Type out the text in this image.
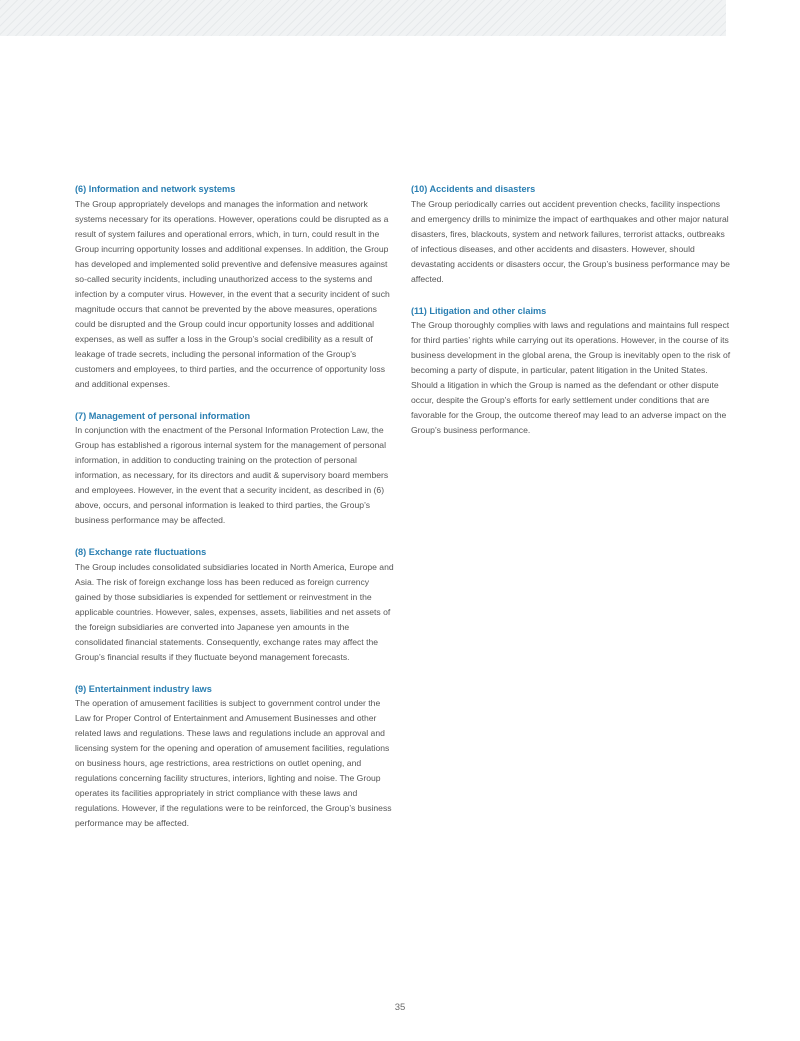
(6) Information and network systems

The Group appropriately develops and manages the information and network systems necessary for its operations. However, operations could be disrupted as a result of system failures and operational errors, which, in turn, could result in the Group incurring opportunity losses and additional expenses. In addition, the Group has developed and implemented solid preventive and defensive measures against so-called security incidents, including unauthorized access to the systems and infection by a computer virus. However, in the event that a security incident of such magnitude occurs that cannot be prevented by the above measures, operations could be disrupted and the Group could incur opportunity losses and additional expenses, as well as suffer a loss in the Group’s social credibility as a result of leakage of trade secrets, including the personal information of the Group’s customers and employees, to third parties, and the occurrence of opportunity loss and additional expenses.

(7) Management of personal information

In conjunction with the enactment of the Personal Information Protection Law, the Group has established a rigorous internal system for the management of personal information, in addition to conducting training on the protection of personal information, as necessary, for its directors and audit & supervisory board members and employees. However, in the event that a security incident, as described in (6) above, occurs, and personal information is leaked to third parties, the Group’s business performance may be affected.

(8) Exchange rate fluctuations

The Group includes consolidated subsidiaries located in North America, Europe and Asia. The risk of foreign exchange loss has been reduced as foreign currency gained by those subsidiaries is expended for settlement or reinvestment in the applicable countries. However, sales, expenses, assets, liabilities and net assets of the foreign subsidiaries are converted into Japanese yen amounts in the consolidated financial statements. Consequently, exchange rates may affect the Group’s financial results if they fluctuate beyond management forecasts.

(9) Entertainment industry laws

The operation of amusement facilities is subject to government control under the Law for Proper Control of Entertainment and Amusement Businesses and other related laws and regulations. These laws and regulations include an approval and licensing system for the opening and operation of amusement facilities, regulations on business hours, age restrictions, area restrictions on outlet opening, and regulations concerning facility structures, interiors, lighting and noise. The Group operates its facilities appropriately in strict compliance with these laws and regulations. However, if the regulations were to be reinforced, the Group’s business performance may be affected.

(10) Accidents and disasters

The Group periodically carries out accident prevention checks, facility inspections and emergency drills to minimize the impact of earthquakes and other major natural disasters, fires, blackouts, system and network failures, terrorist attacks, outbreaks of infectious diseases, and other accidents and disasters. However, should devastating accidents or disasters occur, the Group’s business performance may be affected.

(11) Litigation and other claims

The Group thoroughly complies with laws and regulations and maintains full respect for third parties’ rights while carrying out its operations. However, in the course of its business development in the global arena, the Group is inevitably open to the risk of becoming a party of dispute, in particular, patent litigation in the United States. Should a litigation in which the Group is named as the defendant or other dispute occur, despite the Group’s efforts for early settlement under conditions that are favorable for the Group, the outcome thereof may lead to an adverse impact on the Group’s business performance.

35
